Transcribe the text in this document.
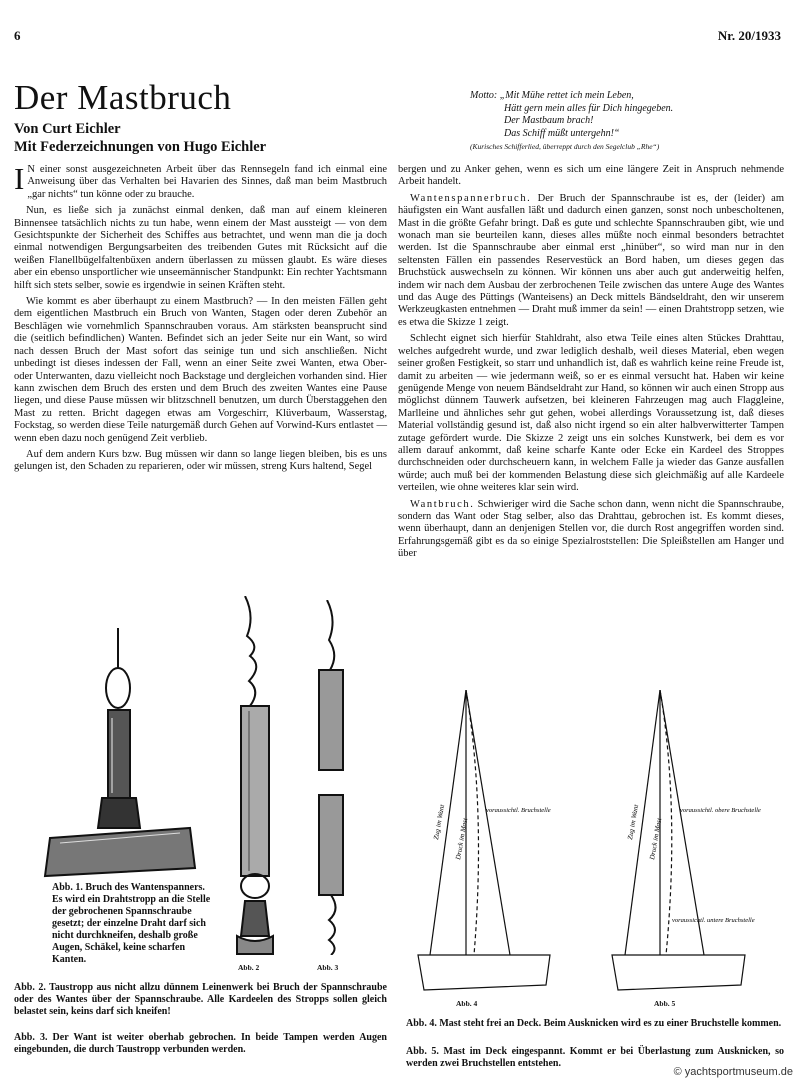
6	Nr. 20/1933
Der Mastbruch
Von Curt Eichler
Mit Federzeichnungen von Hugo Eichler
Motto: „Mit Mühe rettet ich mein Leben,
Hätt gern mein alles für Dich hingegeben.
Der Mastbaum brach!
Das Schiff müßt untergehn!“
(Kurisches Schifferlied, überreppt durch den Segelclub „Rhe“)

I N einer sonst ausgezeichneten Arbeit über das Rennsegeln fand ich einmal eine Anweisung über das Verhalten bei Havarien des Sinnes, daß man beim Mastbruch „gar nichts“ tun könne oder zu brauche.

Nun, es ließe sich ja zunächst einmal denken, daß man auf einem kleineren Binnensee tatsächlich nichts zu tun habe, wenn einem der Mast aussteigt — von dem Gesichtspunkte der Sicherheit des Schiffes aus betrachtet, und wenn man die ja doch einmal notwendigen Bergungsarbeiten des treibenden Gutes mit Rücksicht auf die weißen Flanellbügelfaltenbüxen andern überlassen zu müssen glaubt. Es wäre dieses aber ein ebenso unsportlicher wie unseemännischer Standpunkt: Ein rechter Yachtsmann hilft sich stets selber, sowie es irgendwie in seinen Kräften steht.

Wie kommt es aber überhaupt zu einem Mastbruch? — In den meisten Fällen geht dem eigentlichen Mastbruch ein Bruch von Wanten, Stagen oder deren Zubehör an Beschlägen wie vornehmlich Spannschrauben voraus. Am stärksten beansprucht sind die (seitlich befindlichen) Wanten. Befindet sich an jeder Seite nur ein Want, so wird nach dessen Bruch der Mast sofort das seinige tun und sich anschließen. Nicht unbedingt ist dieses indessen der Fall, wenn an einer Seite zwei Wanten, etwa Ober- oder Unterwanten, dazu vielleicht noch Backstage und dergleichen vorhanden sind. Hier kann zwischen dem Bruch des ersten und dem Bruch des zweiten Wantes eine Pause liegen, und diese Pause müssen wir blitzschnell benutzen, um durch Überstaggehen den Mast zu retten. Bricht dagegen etwas am Vorgeschirr, Klüverbaum, Wasserstag, Fockstag, so werden diese Teile naturgemäß durch Gehen auf Vorwind-Kurs entlastet — wenn eben dazu noch genügend Zeit verblieb.

Auf dem andern Kurs bzw. Bug müssen wir dann so lange liegen bleiben, bis es uns gelungen ist, den Schaden zu reparieren, oder wir müssen, streng Kurs haltend, Segel

bergen und zu Anker gehen, wenn es sich um eine längere Zeit in Anspruch nehmende Arbeit handelt.

Wantenspannerbruch. Der Bruch der Spannschraube ist es, der (leider) am häufigsten ein Want ausfallen läßt und dadurch einen ganzen, sonst noch unbescholtenen, Mast in die größte Gefahr bringt. Daß es gute und schlechte Spannschrauben gibt, wie und wonach man sie beurteilen kann, dieses alles müßte noch einmal besonders betrachtet werden. Ist die Spannschraube aber einmal erst „hinüber“, so wird man nur in den seltensten Fällen ein passendes Reservestück an Bord haben, um dieses gegen das Bruchstück auswechseln zu können. Wir können uns aber auch gut anderweitig helfen, indem wir nach dem Ausbau der zerbrochenen Teile zwischen das untere Auge des Wantes und das Auge des Püttings (Wanteisens) an Deck mittels Bändseldraht, den wir unserem Werkzeugkasten entnehmen — Draht muß immer da sein! — einen Drahtstropp setzen, wie es etwa die Skizze 1 zeigt.

Schlecht eignet sich hierfür Stahldraht, also etwa Teile eines alten Stückes Drahttau, welches aufgedreht wurde, und zwar lediglich deshalb, weil dieses Material, eben wegen seiner großen Festigkeit, so starr und unhandlich ist, daß es wahrlich keine reine Freude ist, damit zu arbeiten — wie jedermann weiß, so er es einmal versucht hat. Haben wir keine genügende Menge von neuem Bändseldraht zur Hand, so können wir auch einen Stropp aus möglichst dünnem Tauwerk aufsetzen, bei kleineren Fahrzeugen mag auch Flaggleine, Marlleine und ähnliches sehr gut gehen, wobei allerdings Voraussetzung ist, daß dieses Material vollständig gesund ist, daß also nicht irgend so ein alter halbverwitterter Tampen zutage gefördert wurde. Die Skizze 2 zeigt uns ein solches Kunstwerk, bei dem es vor allem darauf ankommt, daß keine scharfe Kante oder Ecke ein Kardeel des Stroppes durchschneiden oder durchscheuern kann, in welchem Falle ja wieder das Ganze ausfallen würde; auch muß bei der kommenden Belastung diese sich gleichmäßig auf alle Kardeele verteilen, wie ohne weiteres klar sein wird.

Wantbruch. Schwieriger wird die Sache schon dann, wenn nicht die Spannschraube, sondern das Want oder Stag selber, also das Drahttau, gebrochen ist. Es kommt dieses, wenn überhaupt, dann an denjenigen Stellen vor, die durch Rost angegriffen worden sind. Erfahrungsgemäß gibt es da so einige Spezialroststellen: Die Spleißstellen am Hanger und über

Abb. 2	Abb. 3
Abb. 1. Bruch des Wantenspanners. Es wird ein Drahtstropp an die Stelle der gebrochenen Spannschraube gesetzt; der einzelne Draht darf sich nicht durchkneifen, deshalb große Augen, Schäkel, keine scharfen Kanten.
Abb. 2. Taustropp aus nicht allzu dünnem Leinenwerk bei Bruch der Spannschraube oder des Wantes über der Spannschraube. Alle Kardeelen des Stropps sollen gleich belastet sein, keins darf sich kneifen!
Abb. 3. Der Want ist weiter oberhab gebrochen. In beide Tampen werden Augen eingebunden, die durch Taustropp verbunden werden.
Zug im Want Druck im Mast
voraussichtl. Bruchstelle
Abb. 4
Zug im Want Druck im Mast
voraussichtl. obere Bruchstelle
voraussichtl. untere Bruchstelle
Abb. 5
Abb. 4. Mast steht frei an Deck. Beim Ausknicken wird es zu einer Bruchstelle kommen.
Abb. 5. Mast im Deck eingespannt. Kommt er bei Überlastung zum Ausknicken, so werden zwei Bruchstellen entstehen.
© yachtsportmuseum.de
